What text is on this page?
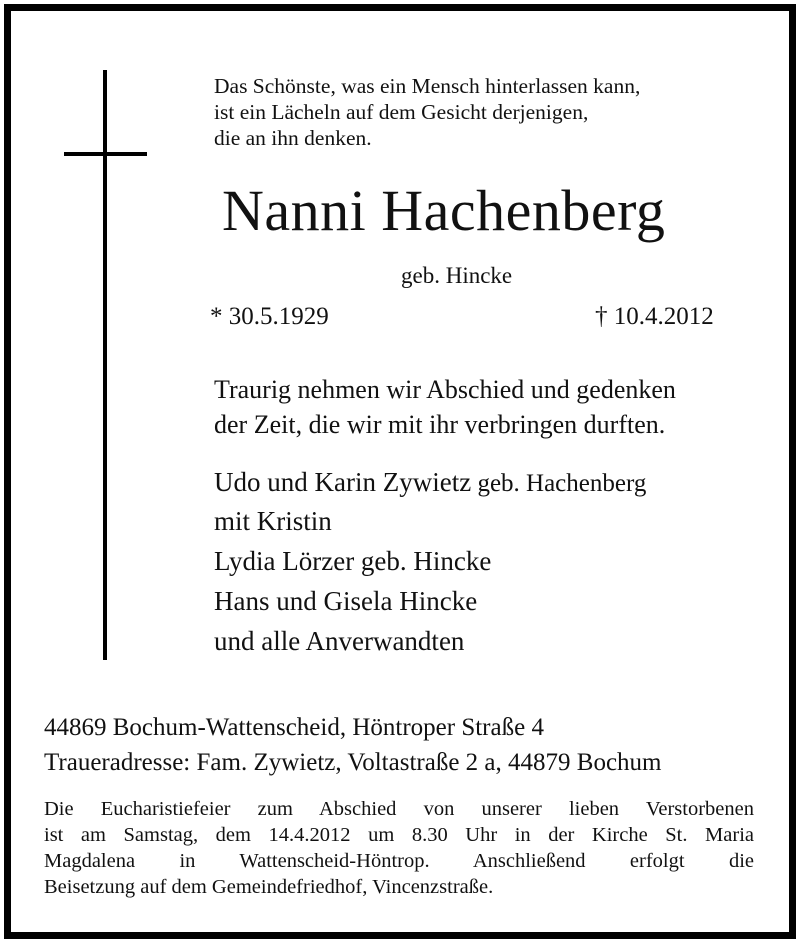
Das Schönste, was ein Mensch hinterlassen kann,
ist ein Lächeln auf dem Gesicht derjenigen,
die an ihn denken.
Nanni Hachenberg
geb. Hincke
* 30.5.1929	† 10.4.2012
Traurig nehmen wir Abschied und gedenken
der Zeit, die wir mit ihr verbringen durften.
Udo und Karin Zywietz geb. Hachenberg
mit Kristin
Lydia Lörzer geb. Hincke
Hans und Gisela Hincke
und alle Anverwandten
44869 Bochum-Wattenscheid, Höntroper Straße 4
Traueradresse: Fam. Zywietz, Voltastraße 2 a, 44879 Bochum
Die Eucharistiefeier zum Abschied von unserer lieben Verstorbenen
ist am Samstag, dem 14.4.2012 um 8.30 Uhr in der Kirche St. Maria
Magdalena in Wattenscheid-Höntrop. Anschließend erfolgt die
Beisetzung auf dem Gemeindefriedhof, Vincenzstraße.
